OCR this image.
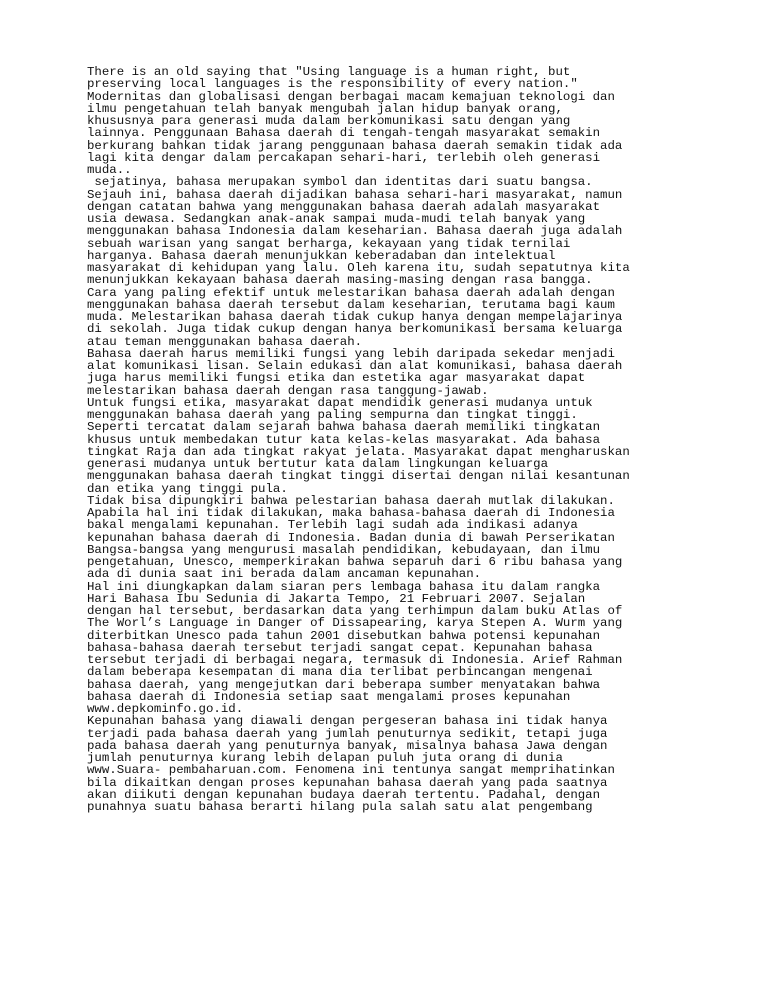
There is an old saying that "Using language is a human right, but
preserving local languages is the responsibility of every nation."
Modernitas dan globalisasi dengan berbagai macam kemajuan teknologi dan
ilmu pengetahuan telah banyak mengubah jalan hidup banyak orang,
khususnya para generasi muda dalam berkomunikasi satu dengan yang
lainnya. Penggunaan Bahasa daerah di tengah-tengah masyarakat semakin
berkurang bahkan tidak jarang penggunaan bahasa daerah semakin tidak ada
lagi kita dengar dalam percakapan sehari-hari, terlebih oleh generasi
muda..
sejatinya, bahasa merupakan symbol dan identitas dari suatu bangsa.
Sejauh ini, bahasa daerah dijadikan bahasa sehari-hari masyarakat, namun
dengan catatan bahwa yang menggunakan bahasa daerah adalah masyarakat
usia dewasa. Sedangkan anak-anak sampai muda-mudi telah banyak yang
menggunakan bahasa Indonesia dalam keseharian. Bahasa daerah juga adalah
sebuah warisan yang sangat berharga, kekayaan yang tidak ternilai
harganya. Bahasa daerah menunjukkan keberadaban dan intelektual
masyarakat di kehidupan yang lalu. Oleh karena itu, sudah sepatutnya kita
menunjukkan kekayaan bahasa daerah masing-masing dengan rasa bangga.
Cara yang paling efektif untuk melestarikan bahasa daerah adalah dengan
menggunakan bahasa daerah tersebut dalam keseharian, terutama bagi kaum
muda. Melestarikan bahasa daerah tidak cukup hanya dengan mempelajarinya
di sekolah. Juga tidak cukup dengan hanya berkomunikasi bersama keluarga
atau teman menggunakan bahasa daerah.
Bahasa daerah harus memiliki fungsi yang lebih daripada sekedar menjadi
alat komunikasi lisan. Selain edukasi dan alat komunikasi, bahasa daerah
juga harus memiliki fungsi etika dan estetika agar masyarakat dapat
melestarikan bahasa daerah dengan rasa tanggung-jawab.
Untuk fungsi etika, masyarakat dapat mendidik generasi mudanya untuk
menggunakan bahasa daerah yang paling sempurna dan tingkat tinggi.
Seperti tercatat dalam sejarah bahwa bahasa daerah memiliki tingkatan
khusus untuk membedakan tutur kata kelas-kelas masyarakat. Ada bahasa
tingkat Raja dan ada tingkat rakyat jelata. Masyarakat dapat mengharuskan
generasi mudanya untuk bertutur kata dalam lingkungan keluarga
menggunakan bahasa daerah tingkat tinggi disertai dengan nilai kesantunan
dan etika yang tinggi pula.
Tidak bisa dipungkiri bahwa pelestarian bahasa daerah mutlak dilakukan.
Apabila hal ini tidak dilakukan, maka bahasa-bahasa daerah di Indonesia
bakal mengalami kepunahan. Terlebih lagi sudah ada indikasi adanya
kepunahan bahasa daerah di Indonesia. Badan dunia di bawah Perserikatan
Bangsa-bangsa yang mengurusi masalah pendidikan, kebudayaan, dan ilmu
pengetahuan, Unesco, memperkirakan bahwa separuh dari 6 ribu bahasa yang
ada di dunia saat ini berada dalam ancaman kepunahan.
Hal ini diungkapkan dalam siaran pers lembaga bahasa itu dalam rangka
Hari Bahasa Ibu Sedunia di Jakarta Tempo, 21 Februari 2007. Sejalan
dengan hal tersebut, berdasarkan data yang terhimpun dalam buku Atlas of
The Worl’s Language in Danger of Dissapearing, karya Stepen A. Wurm yang
diterbitkan Unesco pada tahun 2001 disebutkan bahwa potensi kepunahan
bahasa-bahasa daerah tersebut terjadi sangat cepat. Kepunahan bahasa
tersebut terjadi di berbagai negara, termasuk di Indonesia. Arief Rahman
dalam beberapa kesempatan di mana dia terlibat perbincangan mengenai
bahasa daerah, yang mengejutkan dari beberapa sumber menyatakan bahwa
bahasa daerah di Indonesia setiap saat mengalami proses kepunahan
www.depkominfo.go.id.
Kepunahan bahasa yang diawali dengan pergeseran bahasa ini tidak hanya
terjadi pada bahasa daerah yang jumlah penuturnya sedikit, tetapi juga
pada bahasa daerah yang penuturnya banyak, misalnya bahasa Jawa dengan
jumlah penuturnya kurang lebih delapan puluh juta orang di dunia
www.Suara- pembaharuan.com. Fenomena ini tentunya sangat memprihatinkan
bila dikaitkan dengan proses kepunahan bahasa daerah yang pada saatnya
akan diikuti dengan kepunahan budaya daerah tertentu. Padahal, dengan
punahnya suatu bahasa berarti hilang pula salah satu alat pengembang
